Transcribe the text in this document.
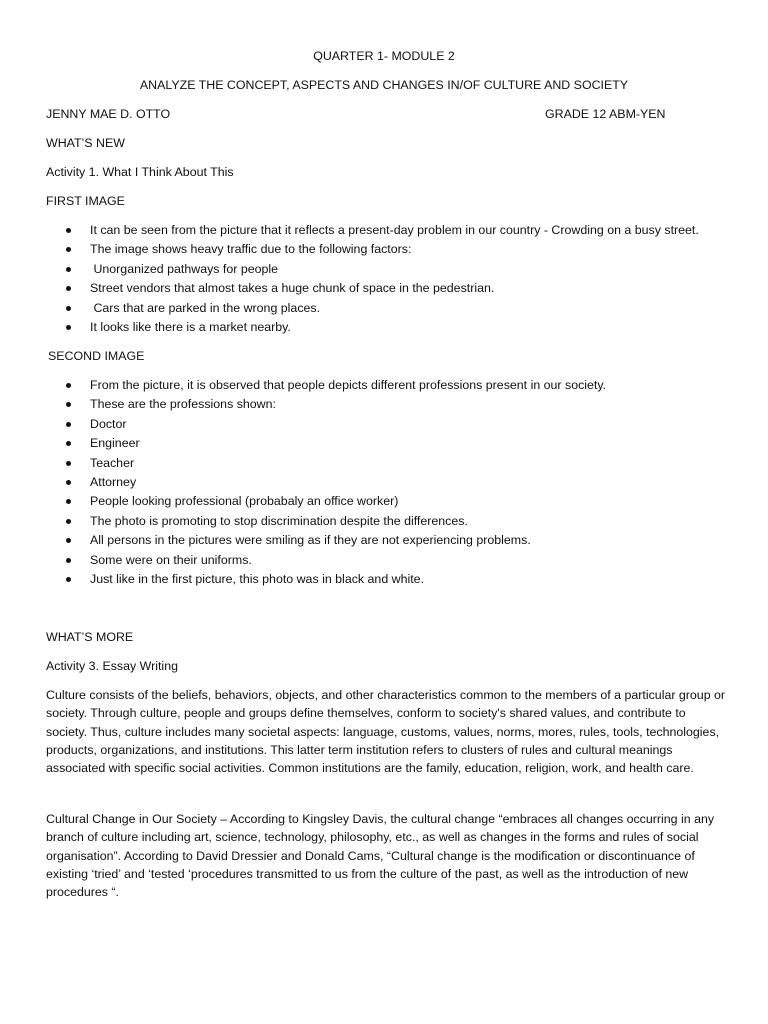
QUARTER 1- MODULE 2
ANALYZE THE CONCEPT, ASPECTS AND CHANGES IN/OF CULTURE AND SOCIETY
JENNY MAE D. OTTO	GRADE 12 ABM-YEN
WHAT’S NEW
Activity 1. What I Think About This
FIRST IMAGE
It can be seen from the picture that it reflects a present-day problem in our country - Crowding on a busy street.
The image shows heavy traffic due to the following factors:
Unorganized pathways for people
Street vendors that almost takes a huge chunk of space in the pedestrian.
Cars that are parked in the wrong places.
It looks like there is a market nearby.
SECOND IMAGE
From the picture, it is observed that people depicts different professions present in our society.
These are the professions shown:
Doctor
Engineer
Teacher
Attorney
People looking professional (probabaly an office worker)
The photo is promoting to stop discrimination despite the differences.
All persons in the pictures were smiling as if they are not experiencing problems.
Some were on their uniforms.
Just like in the first picture, this photo was in black and white.
WHAT’S MORE
Activity 3. Essay Writing

Culture consists of the beliefs, behaviors, objects, and other characteristics common to the members of a particular group or society. Through culture, people and groups define themselves, conform to society's shared values, and contribute to society. Thus, culture includes many societal aspects: language, customs, values, norms, mores, rules, tools, technologies, products, organizations, and institutions. This latter term institution refers to clusters of rules and cultural meanings associated with specific social activities. Common institutions are the family, education, religion, work, and health care.

Cultural Change in Our Society – According to Kingsley Davis, the cultural change “embraces all changes occurring in any branch of culture including art, science, technology, philosophy, etc., as well as changes in the forms and rules of social organisation”. According to David Dressier and Donald Cams, “Cultural change is the modification or discontinuance of existing ‘tried’ and ‘tested ‘procedures transmitted to us from the culture of the past, as well as the introduction of new procedures “.
